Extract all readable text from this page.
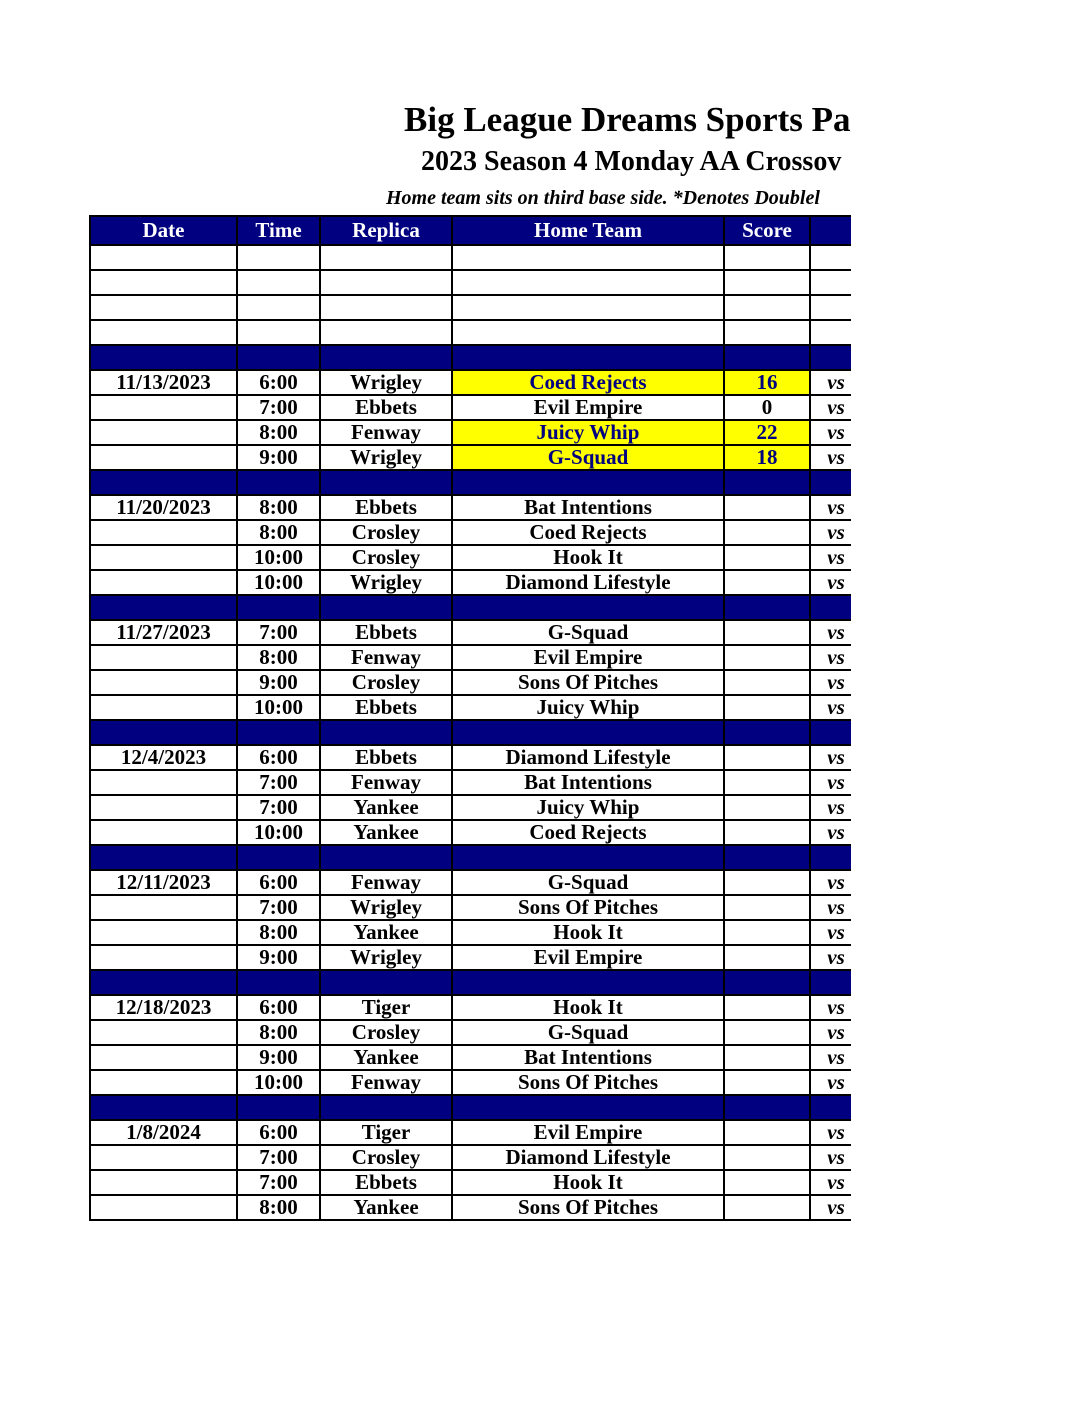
Big League Dreams Sports Pa
2023 Season 4 Monday AA Crossov
Home team sits on third base side. *Denotes Doublel
Date	Time	Replica	Home Team	Score	

11/13/2023	6:00	Wrigley	Coed Rejects	16	vs
	7:00	Ebbets	Evil Empire	0	vs
	8:00	Fenway	Juicy Whip	22	vs
	9:00	Wrigley	G-Squad	18	vs

11/20/2023	8:00	Ebbets	Bat Intentions		vs
	8:00	Crosley	Coed Rejects		vs
	10:00	Crosley	Hook It		vs
	10:00	Wrigley	Diamond Lifestyle		vs

11/27/2023	7:00	Ebbets	G-Squad		vs
	8:00	Fenway	Evil Empire		vs
	9:00	Crosley	Sons Of Pitches		vs
	10:00	Ebbets	Juicy Whip		vs

12/4/2023	6:00	Ebbets	Diamond Lifestyle		vs
	7:00	Fenway	Bat Intentions		vs
	7:00	Yankee	Juicy Whip		vs
	10:00	Yankee	Coed Rejects		vs

12/11/2023	6:00	Fenway	G-Squad		vs
	7:00	Wrigley	Sons Of Pitches		vs
	8:00	Yankee	Hook It		vs
	9:00	Wrigley	Evil Empire		vs

12/18/2023	6:00	Tiger	Hook It		vs
	8:00	Crosley	G-Squad		vs
	9:00	Yankee	Bat Intentions		vs
	10:00	Fenway	Sons Of Pitches		vs

1/8/2024	6:00	Tiger	Evil Empire		vs
	7:00	Crosley	Diamond Lifestyle		vs
	7:00	Ebbets	Hook It		vs
	8:00	Yankee	Sons Of Pitches		vs
